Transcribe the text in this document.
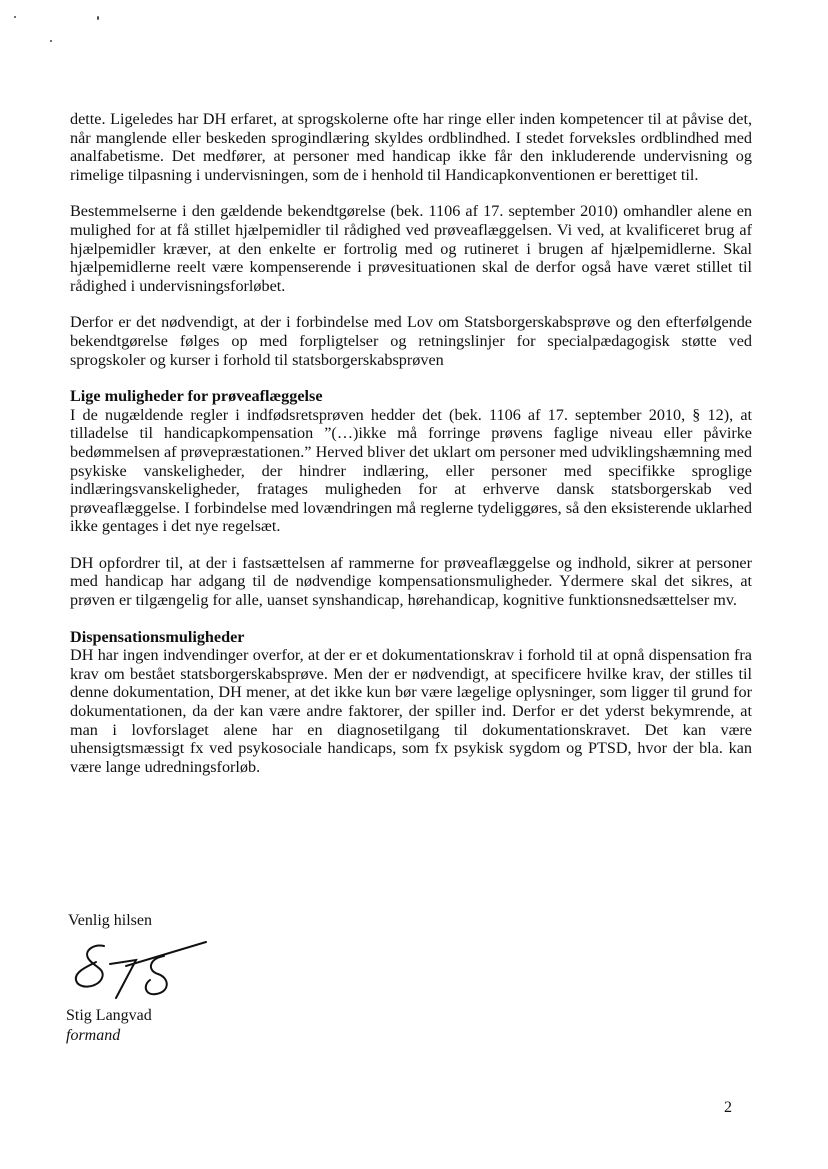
dette. Ligeledes har DH erfaret, at sprogskolerne ofte har ringe eller inden kompetencer til at påvise det, når manglende eller beskeden sprogindlæring skyldes ordblindhed. I stedet forveksles ordblindhed med analfabetisme. Det medfører, at personer med handicap ikke får den inkluderende undervisning og rimelige tilpasning i undervisningen, som de i henhold til Handicapkonventionen er berettiget til.

Bestemmelserne i den gældende bekendtgørelse (bek. 1106 af 17. september 2010) omhandler alene en mulighed for at få stillet hjælpemidler til rådighed ved prøveaflæggelsen. Vi ved, at kvalificeret brug af hjælpemidler kræver, at den enkelte er fortrolig med og rutineret i brugen af hjælpemidlerne. Skal hjælpemidlerne reelt være kompenserende i prøvesituationen skal de derfor også have været stillet til rådighed i undervisningsforløbet.

Derfor er det nødvendigt, at der i forbindelse med Lov om Statsborgerskabsprøve og den efterfølgende bekendtgørelse følges op med forpligtelser og retningslinjer for specialpædagogisk støtte ved sprogskoler og kurser i forhold til statsborgerskabsprøven

Lige muligheder for prøveaflæggelse

I de nugældende regler i indfødsretsprøven hedder det (bek. 1106 af 17. september 2010, § 12), at tilladelse til handicapkompensation ”(…)ikke må forringe prøvens faglige niveau eller påvirke bedømmelsen af prøvepræstationen.” Herved bliver det uklart om personer med udviklingshæmning med psykiske vanskeligheder, der hindrer indlæring, eller personer med specifikke sproglige indlæringsvanskeligheder, fratages muligheden for at erhverve dansk statsborgerskab ved prøveaflæggelse. I forbindelse med lovændringen må reglerne tydeliggøres, så den eksisterende uklarhed ikke gentages i det nye regelsæt.

DH opfordrer til, at der i fastsættelsen af rammerne for prøveaflæggelse og indhold, sikrer at personer med handicap har adgang til de nødvendige kompensationsmuligheder. Ydermere skal det sikres, at prøven er tilgængelig for alle, uanset synshandicap, hørehandicap, kognitive funktionsnedsættelser mv.

Dispensationsmuligheder

DH har ingen indvendinger overfor, at der er et dokumentationskrav i forhold til at opnå dispensation fra krav om bestået statsborgerskabsprøve. Men der er nødvendigt, at specificere hvilke krav, der stilles til denne dokumentation, DH mener, at det ikke kun bør være lægelige oplysninger, som ligger til grund for dokumentationen, da der kan være andre faktorer, der spiller ind. Derfor er det yderst bekymrende, at man i lovforslaget alene har en diagnosetilgang til dokumentationskravet. Det kan være uhensigtsmæssigt fx ved psykosociale handicaps, som fx psykisk sygdom og PTSD, hvor der bla. kan være lange udredningsforløb.

Venlig hilsen
Stig Langvad
formand
2
